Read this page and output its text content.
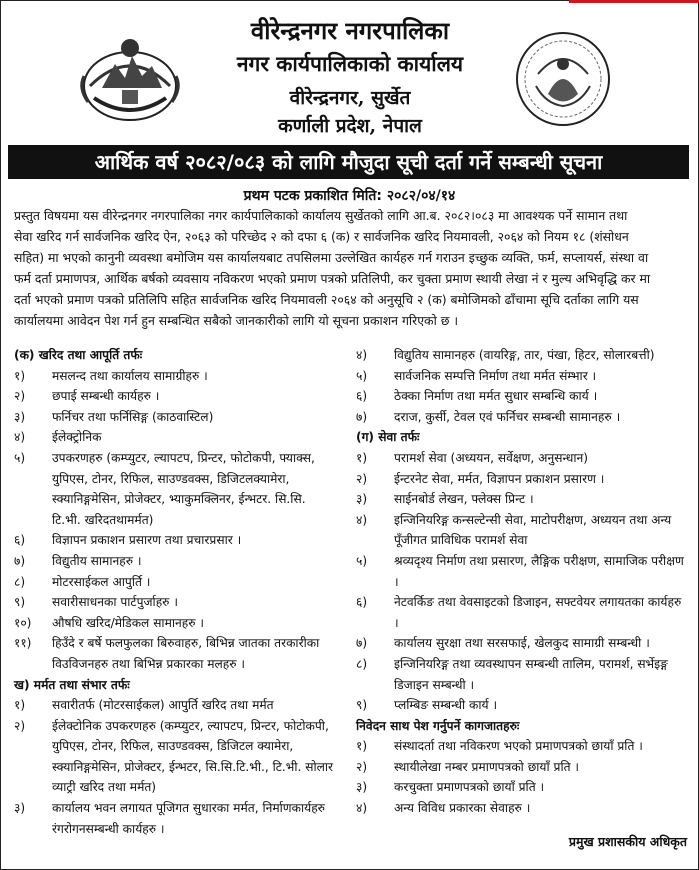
वीरेन्द्रनगर नगरपालिका
नगर कार्यपालिकाको कार्यालय
वीरेन्द्रनगर, सुर्खेत
कर्णाली प्रदेश, नेपाल
आर्थिक वर्ष २०८२/०८३ को लागि मौजुदा सूची दर्ता गर्ने सम्बन्धी सूचना
प्रथम पटक प्रकाशित मिति: २०८२/०४/१४
प्रस्तुत विषयमा यस वीरेन्द्रनगर नगरपालिका नगर कार्यपालिकाको कार्यालय सुर्खेतको लागि आ.ब. २०८२।०८३ मा आवश्यक पर्ने सामान तथा
सेवा खरिद गर्न सार्वजनिक खरिद ऐन, २०६३ को परिच्छेद २ को दफा ६ (क) र सार्वजनिक खरिद नियमावली, २०६४ को नियम १८ (शंसोधन
सहित) मा भएको कानुनी व्यवस्था बमोजिम यस कार्यालयबाट तपसिलमा उल्लेखित कार्यहरु गर्न गराउन इच्छुक व्यक्ति, फर्म, सप्लायर्स, संस्था वा
फर्म दर्ता प्रमाणपत्र, आर्थिक बर्षको व्यवसाय नविकरण भएको प्रमाण पत्रको प्रतिलिपी, कर चुक्ता प्रमाण स्थायी लेखा नं र मुल्य अभिवृद्धि कर मा
दर्ता भएको प्रमाण पत्रको प्रतिलिपि सहित सार्वजनिक खरिद नियमावली २०६४ को अनुसूचि २ (क) बमोजिमको ढाँचामा सूचि दर्ताका लागि यस
कार्यालयमा आवेदन पेश गर्न हुन सम्बन्धित सबैको जानकारीको लागि यो सूचना प्रकाशन गरिएको छ ।
(क) खरिद तथा आपूर्ति तर्फः
१)	मसलन्द तथा कार्यालय सामाग्रीहरु ।
२)	छपाई सम्बन्धी कार्यहरु ।
३)	फर्निचर तथा फर्निसिङ्ग (काठवास्टिल)
४)	ईलेक्ट्रोनिक
५)	उपकरणहरु (कम्प्युटर, ल्यापटप, प्रिन्टर, फोटोकपी, फ्याक्स, युपिएस, टोनर, रिफिल, साउण्डवक्स, डिजिटलक्यामेरा, स्क्यानिङ्गमेसिन, प्रोजेक्टर, भ्याकुमक्लिनर, ईन्भटर. सि.सि. टि.भी. खरिदतथामर्मत)
६)	विज्ञापन प्रकाशन प्रसारण तथा प्रचारप्रसार ।
७)	विद्युतीय सामानहरु ।
८)	मोटरसाईकल आपुर्ति ।
९)	सवारीसाधनका पार्टपुर्जाहरु ।
१०)	औषधि खरिद/मेडिकल सामानहरु ।
११)	हिउँदे र बर्षे फलफुलका बिरुवाहरु, बिभिन्न जातका तरकारीका विउविजनहरु तथा बिभिन्न प्रकारका मलहरु ।
ख) मर्मत तथा संभार तर्फः
१)	सवारीतर्फ (मोटरसाईकल) आपुर्ति खरिद तथा मर्मत
२)	ईलेक्टोनिक उपकरणहरु (कम्प्युटर, ल्यापटप, प्रिन्टर, फोटोकपी, युपिएस, टोनर, रिफिल, साउण्डवक्स, डिजिटल क्यामेरा, स्क्यानिङ्गमेसिन, प्रोजेक्टर, ईन्भटर, सि.सि.टि.भी., टि.भी. सोलार व्याट्री खरिद तथा मर्मत)
३)	कार्यालय भवन लगायत पूजिगत सुधारका मर्मत, निर्माणकार्यहरु रंगरोगनसम्बन्धी कार्यहरु ।
४)	विद्युतिय सामानहरु (वायरिङ्ग, तार, पंखा, हिटर, सोलारबत्ती)
५)	सार्वजनिक सम्पत्ति निर्माण तथा मर्मत संम्भार ।
६)	ठेक्का निर्माण तथा मर्मत सुधार सम्बन्धि कार्य ।
७)	दराज, कुर्सी, टेवल एवं फर्निचर सम्बन्धी सामानहरु ।
(ग) सेवा तर्फः
१)	परामर्श सेवा (अध्ययन, सर्वेक्षण, अनुसन्धान)
२)	ईन्टरनेट सेवा, मर्मत, विज्ञापन प्रकाशन प्रसारण ।
३)	साईनबोर्ड लेखन, फ्लेक्स प्रिन्ट ।
४)	इन्जिनियरिङ्ग कन्सल्टेन्सी सेवा, माटोपरीक्षण, अध्ययन तथा अन्य पूँजीगत प्राविधिक परामर्श सेवा
५)	श्रव्यदृश्य निर्माण तथा प्रसारण, लैङ्गिक परीक्षण, सामाजिक परीक्षण ।
६)	नेटवर्किङ तथा वेवसाइटको डिजाइन, सफ्टवेयर लगायतका कार्यहरु ।
७)	कार्यालय सुरक्षा तथा सरसफाई, खेलकुद सामाग्री सम्बन्धी ।
८)	इन्जिनियरिङ्ग तथा व्यवस्थापन सम्बन्धी तालिम, परामर्श, सर्भेइङ्ग डिजाइन सम्बन्धी ।
९)	प्लम्बिङ सम्बन्धी कार्य ।
निवेदन साथ पेश गर्नुपर्ने कागजातहरुः
१)	संस्थादर्ता तथा नविकरण भएको प्रमाणपत्रको छायाँ प्रति ।
२)	स्थायीलेखा नम्बर प्रमाणपत्रको छायाँ प्रति ।
३)	करचुक्ता प्रमाणपत्रको छायाँ प्रति ।
४)	अन्य विविध प्रकारका सेवाहरु ।
प्रमुख प्रशासकीय अधिकृत
